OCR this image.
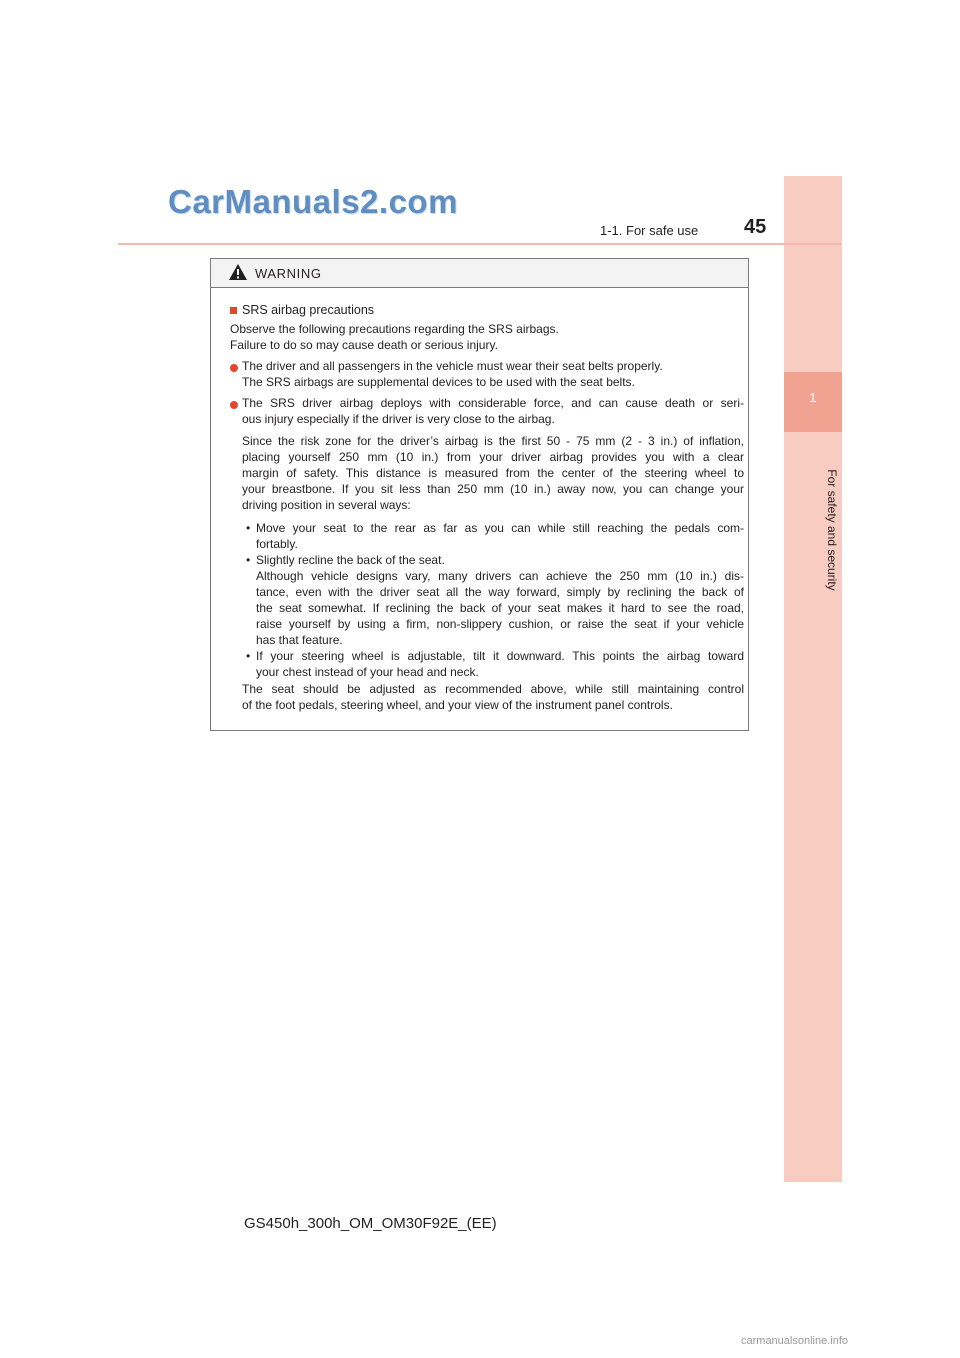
1
For safety and security
CarManuals2.com
1-1. For safe use 45
WARNING
SRS airbag precautions
Observe the following precautions regarding the SRS airbags.
Failure to do so may cause death or serious injury.
The driver and all passengers in the vehicle must wear their seat belts properly.
The SRS airbags are supplemental devices to be used with the seat belts.
The SRS driver airbag deploys with considerable force, and can cause death or seri-
ous injury especially if the driver is very close to the airbag.
Since the risk zone for the driver’s airbag is the first 50 - 75 mm (2 - 3 in.) of inflation,
placing yourself 250 mm (10 in.) from your driver airbag provides you with a clear
margin of safety. This distance is measured from the center of the steering wheel to
your breastbone. If you sit less than 250 mm (10 in.) away now, you can change your
driving position in several ways:
• Move your seat to the rear as far as you can while still reaching the pedals com-
fortably.
• Slightly recline the back of the seat.
Although vehicle designs vary, many drivers can achieve the 250 mm (10 in.) dis-
tance, even with the driver seat all the way forward, simply by reclining the back of
the seat somewhat. If reclining the back of your seat makes it hard to see the road,
raise yourself by using a firm, non-slippery cushion, or raise the seat if your vehicle
has that feature.
• If your steering wheel is adjustable, tilt it downward. This points the airbag toward
your chest instead of your head and neck.
The seat should be adjusted as recommended above, while still maintaining control
of the foot pedals, steering wheel, and your view of the instrument panel controls.
GS450h_300h_OM_OM30F92E_(EE)
carmanualsonline.info
